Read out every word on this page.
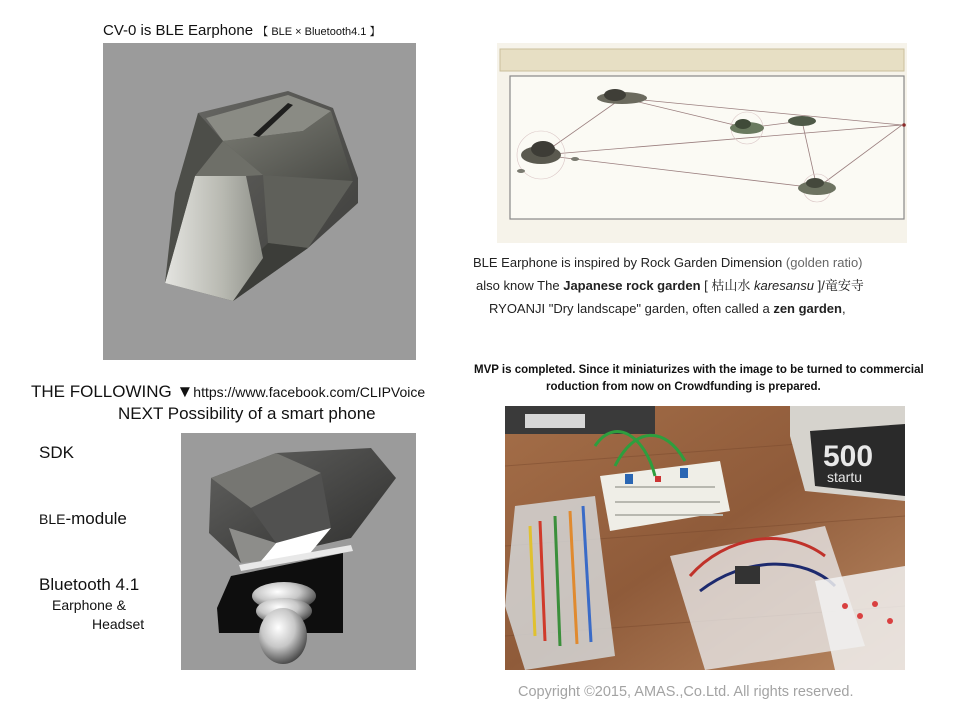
CV-0 is BLE Earphone 【 BLE × Bluetooth4.1 】
BLE Earphone is inspired by Rock Garden Dimension (golden ratio)
also know The Japanese rock garden [ 枯山水 karesansu ]/竜安寺
RYOANJI "Dry landscape" garden, often called a zen garden,
THE FOLLOWING ▼https://www.facebook.com/CLIPVoice
NEXT Possibility of a smart phone
SDK
BLE-module
Bluetooth 4.1
Earphone &
Headset
MVP is completed. Since it miniaturizes with the image to be turned to commercial
roduction from now on Crowdfunding is prepared.
500
startu
Copyright ©2015, AMAS.,Co.Ltd. All rights reserved.
